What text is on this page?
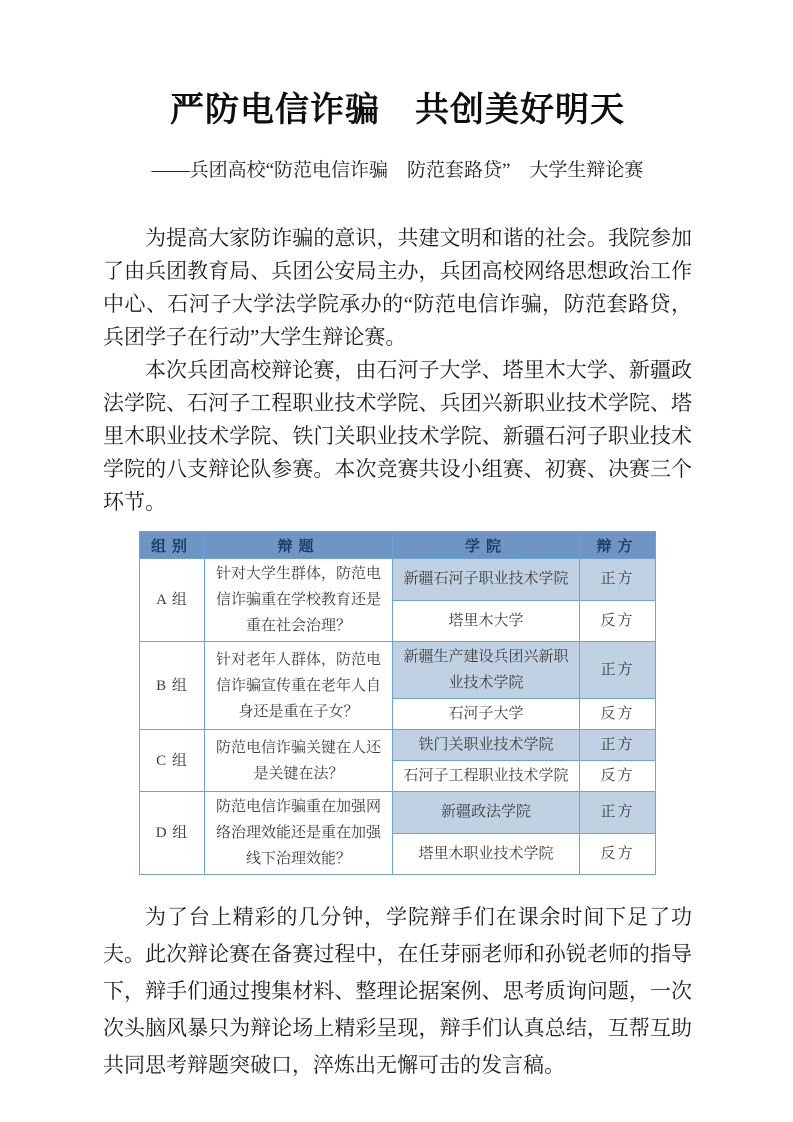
严防电信诈骗　共创美好明天
——兵团高校“防范电信诈骗　防范套路贷”　大学生辩论赛

为提高大家防诈骗的意识，共建文明和谐的社会。我院参加了由兵团教育局、兵团公安局主办，兵团高校网络思想政治工作中心、石河子大学法学院承办的“防范电信诈骗，防范套路贷，兵团学子在行动”大学生辩论赛。

本次兵团高校辩论赛，由石河子大学、塔里木大学、新疆政法学院、石河子工程职业技术学院、兵团兴新职业技术学院、塔里木职业技术学院、铁门关职业技术学院、新疆石河子职业技术学院的八支辩论队参赛。本次竞赛共设小组赛、初赛、决赛三个环节。

组别	辩题	学院	辩方
A 组	针对大学生群体，防范电信诈骗重在学校教育还是重在社会治理？	新疆石河子职业技术学院	正方
		塔里木大学	反方
B 组	针对老年人群体，防范电信诈骗宣传重在老年人自身还是重在子女？	新疆生产建设兵团兴新职业技术学院	正方
		石河子大学	反方
C 组	防范电信诈骗关键在人还是关键在法？	铁门关职业技术学院	正方
		石河子工程职业技术学院	反方
D 组	防范电信诈骗重在加强网络治理效能还是重在加强线下治理效能？	新疆政法学院	正方
		塔里木职业技术学院	反方

为了台上精彩的几分钟，学院辩手们在课余时间下足了功夫。此次辩论赛在备赛过程中，在任芽丽老师和孙锐老师的指导下，辩手们通过搜集材料、整理论据案例、思考质询问题，一次次头脑风暴只为辩论场上精彩呈现，辩手们认真总结，互帮互助共同思考辩题突破口，淬炼出无懈可击的发言稿。
